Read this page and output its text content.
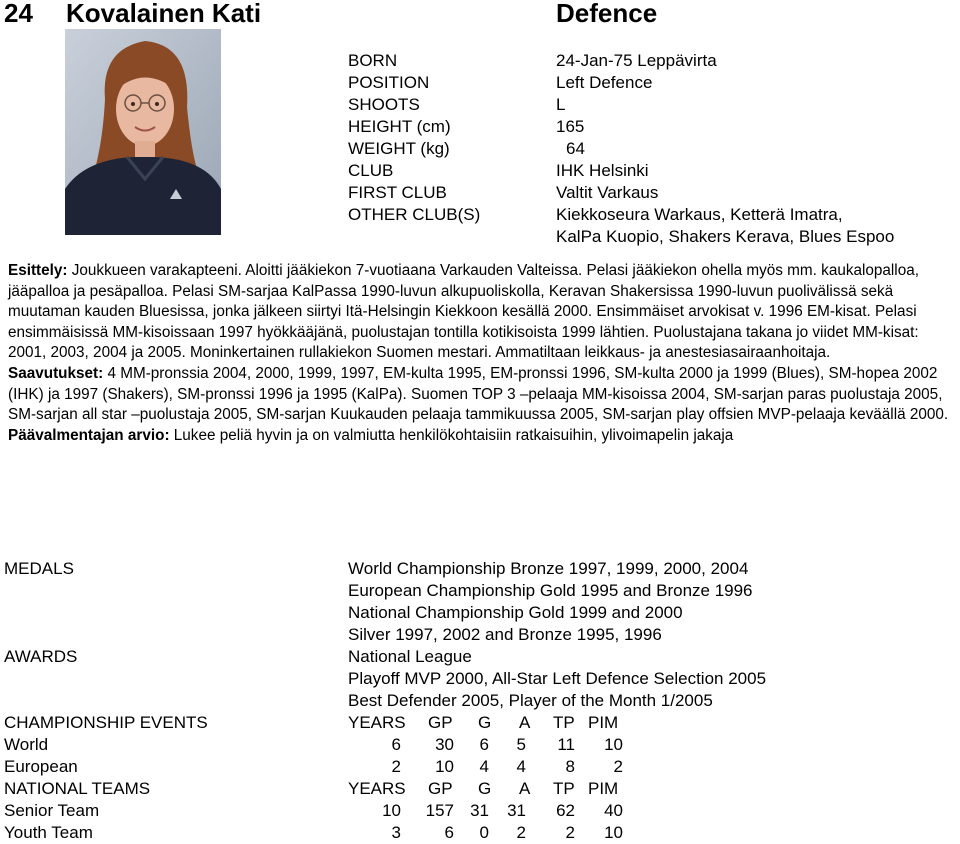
24 Kovalainen Kati	Defence
BORN	24-Jan-75 Leppävirta
POSITION	Left Defence
SHOOTS	L
HEIGHT (cm)	165
WEIGHT (kg)	64
CLUB	IHK Helsinki
FIRST CLUB	Valtit Varkaus
OTHER CLUB(S)	Kiekkoseura Warkaus, Ketterä Imatra,
KalPa Kuopio, Shakers Kerava, Blues Espoo

Esittely: Joukkueen varakapteeni. Aloitti jääkiekon 7-vuotiaana Varkauden Valteissa. Pelasi jääkiekon ohella myös mm. kaukalopalloa, jääpalloa ja pesäpalloa. Pelasi SM-sarjaa KalPassa 1990-luvun alkupuoliskolla, Keravan Shakersissa 1990-luvun puolivälissä sekä muutaman kauden Bluesissa, jonka jälkeen siirtyi Itä-Helsingin Kiekkoon kesällä 2000. Ensimmäiset arvokisat v. 1996 EM-kisat. Pelasi ensimmäisissä MM-kisoissaan 1997 hyökkääjänä, puolustajan tontilla kotikisoista 1999 lähtien. Puolustajana takana jo viidet MM-kisat: 2001, 2003, 2004 ja 2005. Moninkertainen rullakiekon Suomen mestari. Ammatiltaan leikkaus- ja anestesiasairaanhoitaja.

Saavutukset: 4 MM-pronssia 2004, 2000, 1999, 1997, EM-kulta 1995, EM-pronssi 1996, SM-kulta 2000 ja 1999 (Blues), SM-hopea 2002 (IHK) ja 1997 (Shakers), SM-pronssi 1996 ja 1995 (KalPa). Suomen TOP 3 –pelaaja MM-kisoissa 2004, SM-sarjan paras puolustaja 2005, SM-sarjan all star –puolustaja 2005, SM-sarjan Kuukauden pelaaja tammikuussa 2005, SM-sarjan play offsien MVP-pelaaja keväällä 2000.

Päävalmentajan arvio: Lukee peliä hyvin ja on valmiutta henkilökohtaisiin ratkaisuihin, ylivoimapelin jakaja

MEDALS	World Championship Bronze 1997, 1999, 2000, 2004
European Championship Gold 1995 and Bronze 1996
National Championship Gold 1999 and 2000
Silver 1997, 2002 and Bronze 1995, 1996
AWARDS	National League
Playoff MVP 2000, All-Star Left Defence Selection 2005
Best Defender 2005, Player of the Month 1/2005
CHAMPIONSHIP EVENTS	YEARS GP G A TP PIM
World	6 30 6 5 11 10
European	2 10 4 4 8 2
NATIONAL TEAMS	YEARS GP G A TP PIM
Senior Team	10 157 31 31 62 40
Youth Team	3	6 0 2 2 10
